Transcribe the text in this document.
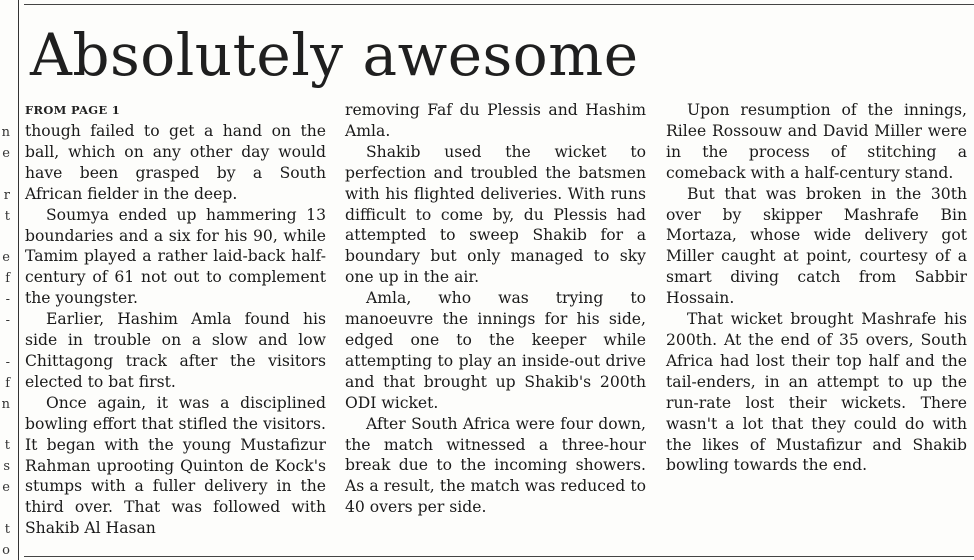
n
e
r
t
e
f
-
-
-
f
n
t
s
e
t
o
Absolutely awesome
FROM PAGE 1

though failed to get a hand on the ball, which on any other day would have been grasped by a South African fielder in the deep.

Soumya ended up hammering 13 boundaries and a six for his 90, while Tamim played a rather laid-back half-century of 61 not out to complement the youngster.

Earlier, Hashim Amla found his side in trouble on a slow and low Chittagong track after the visitors elected to bat first.

Once again, it was a disciplined bowling effort that stifled the visitors. It began with the young Mustafizur Rahman uprooting Quinton de Kock's stumps with a fuller delivery in the third over. That was followed with Shakib Al Hasan

removing Faf du Plessis and Hashim Amla.

Shakib used the wicket to perfection and troubled the batsmen with his flighted deliveries. With runs difficult to come by, du Plessis had attempted to sweep Shakib for a boundary but only managed to sky one up in the air.

Amla, who was trying to manoeuvre the innings for his side, edged one to the keeper while attempting to play an inside-out drive and that brought up Shakib's 200th ODI wicket.

After South Africa were four down, the match witnessed a three-hour break due to the incoming showers. As a result, the match was reduced to 40 overs per side.

Upon resumption of the innings, Rilee Rossouw and David Miller were in the process of stitching a comeback with a half-century stand.

But that was broken in the 30th over by skipper Mashrafe Bin Mortaza, whose wide delivery got Miller caught at point, courtesy of a smart diving catch from Sabbir Hossain.

That wicket brought Mashrafe his 200th. At the end of 35 overs, South Africa had lost their top half and the tail-enders, in an attempt to up the run-rate lost their wickets. There wasn't a lot that they could do with the likes of Mustafizur and Shakib bowling towards the end.
